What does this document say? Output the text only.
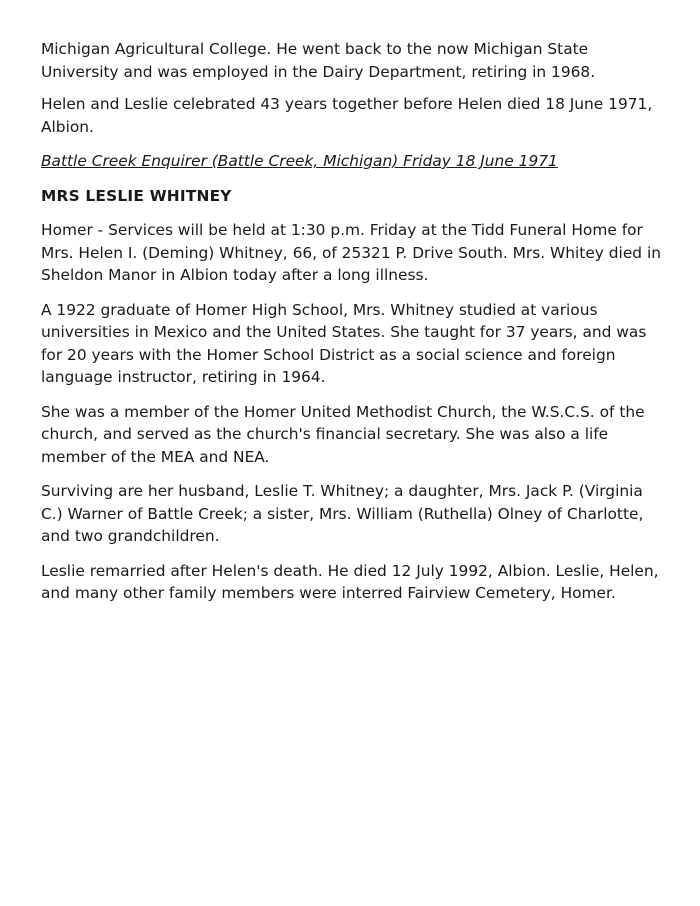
Michigan Agricultural College. He went back to the now Michigan State University and was employed in the Dairy Department, retiring in 1968.

Helen and Leslie celebrated 43 years together before Helen died 18 June 1971, Albion.

Battle Creek Enquirer (Battle Creek, Michigan) Friday 18 June 1971

MRS LESLIE WHITNEY

Homer - Services will be held at 1:30 p.m. Friday at the Tidd Funeral Home for Mrs. Helen I. (Deming) Whitney, 66, of 25321 P. Drive South. Mrs. Whitey died in Sheldon Manor in Albion today after a long illness.

A 1922 graduate of Homer High School, Mrs. Whitney studied at various universities in Mexico and the United States. She taught for 37 years, and was for 20 years with the Homer School District as a social science and foreign language instructor, retiring in 1964.

She was a member of the Homer United Methodist Church, the W.S.C.S. of the church, and served as the church's financial secretary. She was also a life member of the MEA and NEA.

Surviving are her husband, Leslie T. Whitney; a daughter, Mrs. Jack P. (Virginia C.) Warner of Battle Creek; a sister, Mrs. William (Ruthella) Olney of Charlotte, and two grandchildren.

Leslie remarried after Helen's death. He died 12 July 1992, Albion. Leslie, Helen, and many other family members were interred Fairview Cemetery, Homer.
